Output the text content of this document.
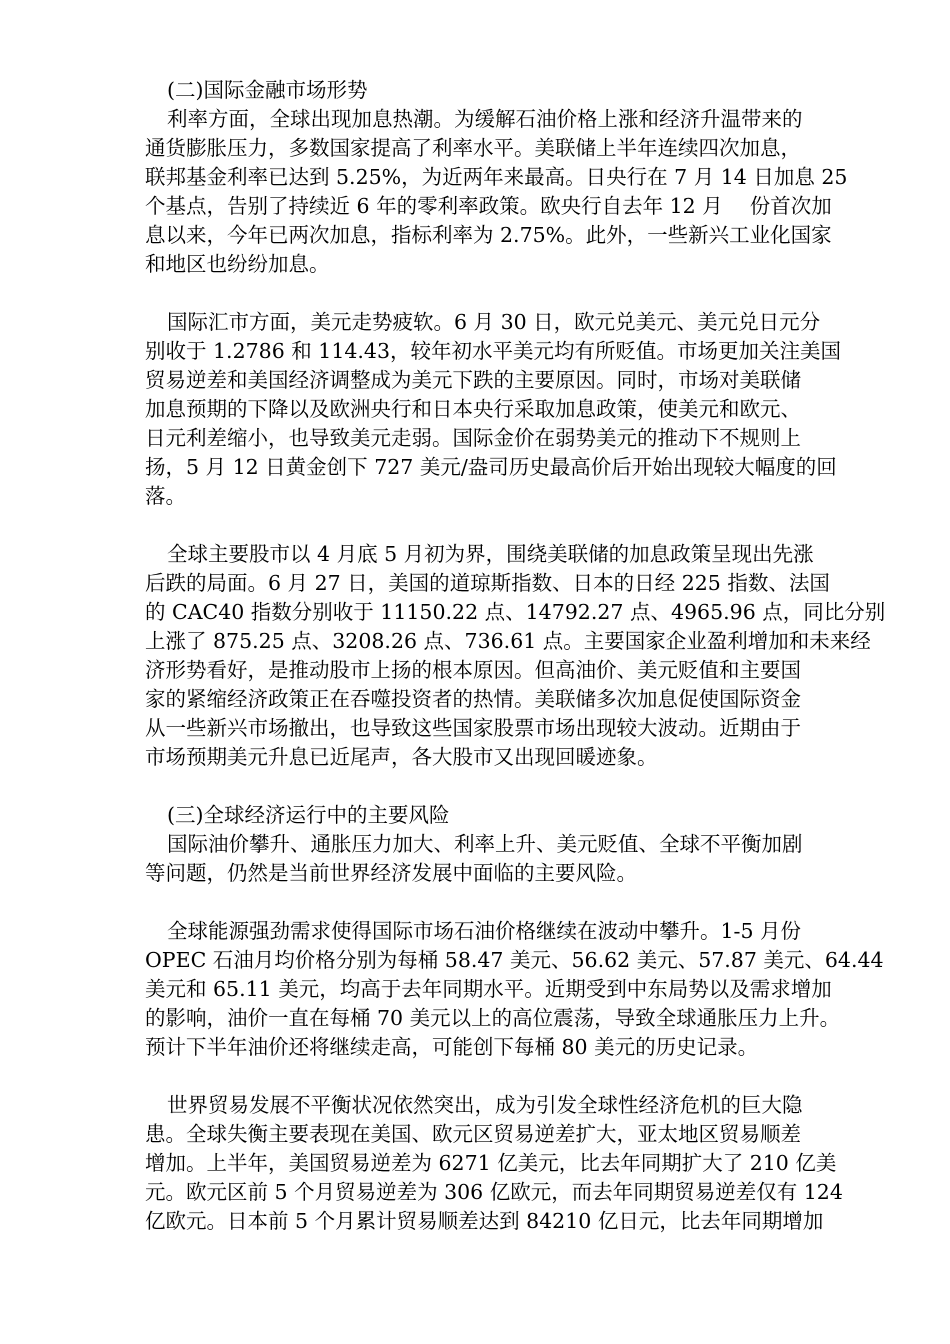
(二)国际金融市场形势
利率方面，全球出现加息热潮。为缓解石油价格上涨和经济升温带来的
通货膨胀压力，多数国家提高了利率水平。美联储上半年连续四次加息，
联邦基金利率已达到 5.25%，为近两年来最高。日央行在 7 月 14 日加息 25
个基点，告别了持续近 6 年的零利率政策。欧央行自去年 12 月　 份首次加
息以来，今年已两次加息，指标利率为 2.75%。此外，一些新兴工业化国家
和地区也纷纷加息。
国际汇市方面，美元走势疲软。6 月 30 日，欧元兑美元、美元兑日元分
别收于 1.2786 和 114.43，较年初水平美元均有所贬值。市场更加关注美国
贸易逆差和美国经济调整成为美元下跌的主要原因。同时，市场对美联储
加息预期的下降以及欧洲央行和日本央行采取加息政策，使美元和欧元、
日元利差缩小，也导致美元走弱。国际金价在弱势美元的推动下不规则上
扬，5 月 12 日黄金创下 727 美元/盎司历史最高价后开始出现较大幅度的回
落。
全球主要股市以 4 月底 5 月初为界，围绕美联储的加息政策呈现出先涨
后跌的局面。6 月 27 日，美国的道琼斯指数、日本的日经 225 指数、法国
的 CAC40 指数分别收于 11150.22 点、14792.27 点、4965.96 点，同比分别
上涨了 875.25 点、3208.26 点、736.61 点。主要国家企业盈利增加和未来经
济形势看好，是推动股市上扬的根本原因。但高油价、美元贬值和主要国
家的紧缩经济政策正在吞噬投资者的热情。美联储多次加息促使国际资金
从一些新兴市场撤出，也导致这些国家股票市场出现较大波动。近期由于
市场预期美元升息已近尾声，各大股市又出现回暖迹象。
(三)全球经济运行中的主要风险
国际油价攀升、通胀压力加大、利率上升、美元贬值、全球不平衡加剧
等问题，仍然是当前世界经济发展中面临的主要风险。
全球能源强劲需求使得国际市场石油价格继续在波动中攀升。1-5 月份
OPEC 石油月均价格分别为每桶 58.47 美元、56.62 美元、57.87 美元、64.44
美元和 65.11 美元，均高于去年同期水平。近期受到中东局势以及需求增加
的影响，油价一直在每桶 70 美元以上的高位震荡，导致全球通胀压力上升。
预计下半年油价还将继续走高，可能创下每桶 80 美元的历史记录。
世界贸易发展不平衡状况依然突出，成为引发全球性经济危机的巨大隐
患。全球失衡主要表现在美国、欧元区贸易逆差扩大，亚太地区贸易顺差
增加。上半年，美国贸易逆差为 6271 亿美元，比去年同期扩大了 210 亿美
元。欧元区前 5 个月贸易逆差为 306 亿欧元，而去年同期贸易逆差仅有 124
亿欧元。日本前 5 个月累计贸易顺差达到 84210 亿日元，比去年同期增加
